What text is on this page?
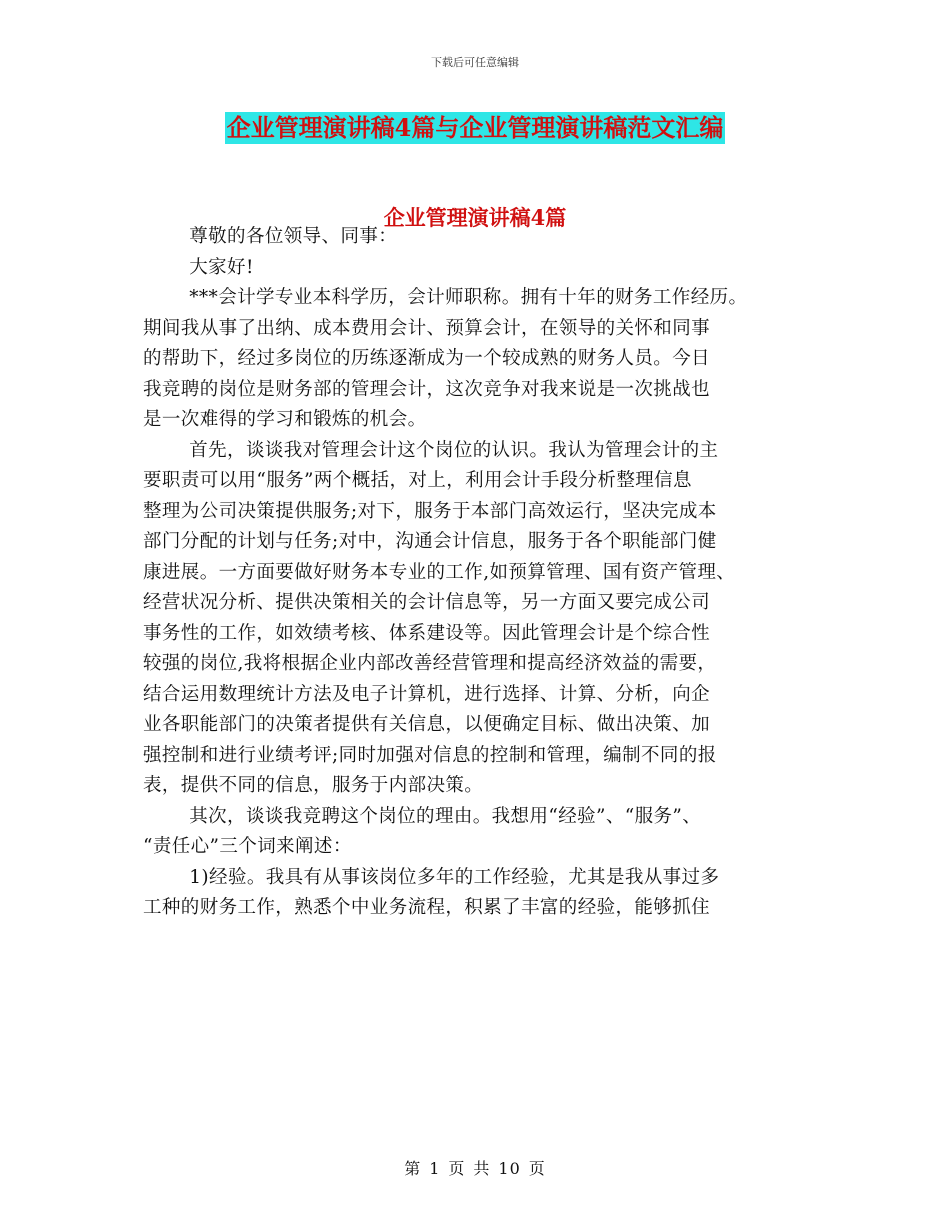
下载后可任意编辑
企业管理演讲稿4篇与企业管理演讲稿范文汇编
企业管理演讲稿4篇
尊敬的各位领导、同事：
大家好!
***会计学专业本科学历，会计师职称。拥有十年的财务工作经历。
期间我从事了出纳、成本费用会计、预算会计，在领导的关怀和同事
的帮助下，经过多岗位的历练逐渐成为一个较成熟的财务人员。今日
我竞聘的岗位是财务部的管理会计，这次竞争对我来说是一次挑战也
是一次难得的学习和锻炼的机会。
首先，谈谈我对管理会计这个岗位的认识。我认为管理会计的主
要职责可以用“服务”两个概括，对上，利用会计手段分析整理信息
整理为公司决策提供服务;对下，服务于本部门高效运行，坚决完成本
部门分配的计划与任务;对中，沟通会计信息，服务于各个职能部门健
康进展。一方面要做好财务本专业的工作,如预算管理、国有资产管理、
经营状况分析、提供决策相关的会计信息等，另一方面又要完成公司
事务性的工作，如效绩考核、体系建设等。因此管理会计是个综合性
较强的岗位,我将根据企业内部改善经营管理和提高经济效益的需要，
结合运用数理统计方法及电子计算机，进行选择、计算、分析，向企
业各职能部门的决策者提供有关信息，以便确定目标、做出决策、加
强控制和进行业绩考评;同时加强对信息的控制和管理，编制不同的报
表，提供不同的信息，服务于内部决策。
其次，谈谈我竞聘这个岗位的理由。我想用“经验”、“服务”、
“责任心”三个词来阐述：
1)经验。我具有从事该岗位多年的工作经验，尤其是我从事过多
工种的财务工作，熟悉个中业务流程，积累了丰富的经验，能够抓住
第 1 页 共 10 页
